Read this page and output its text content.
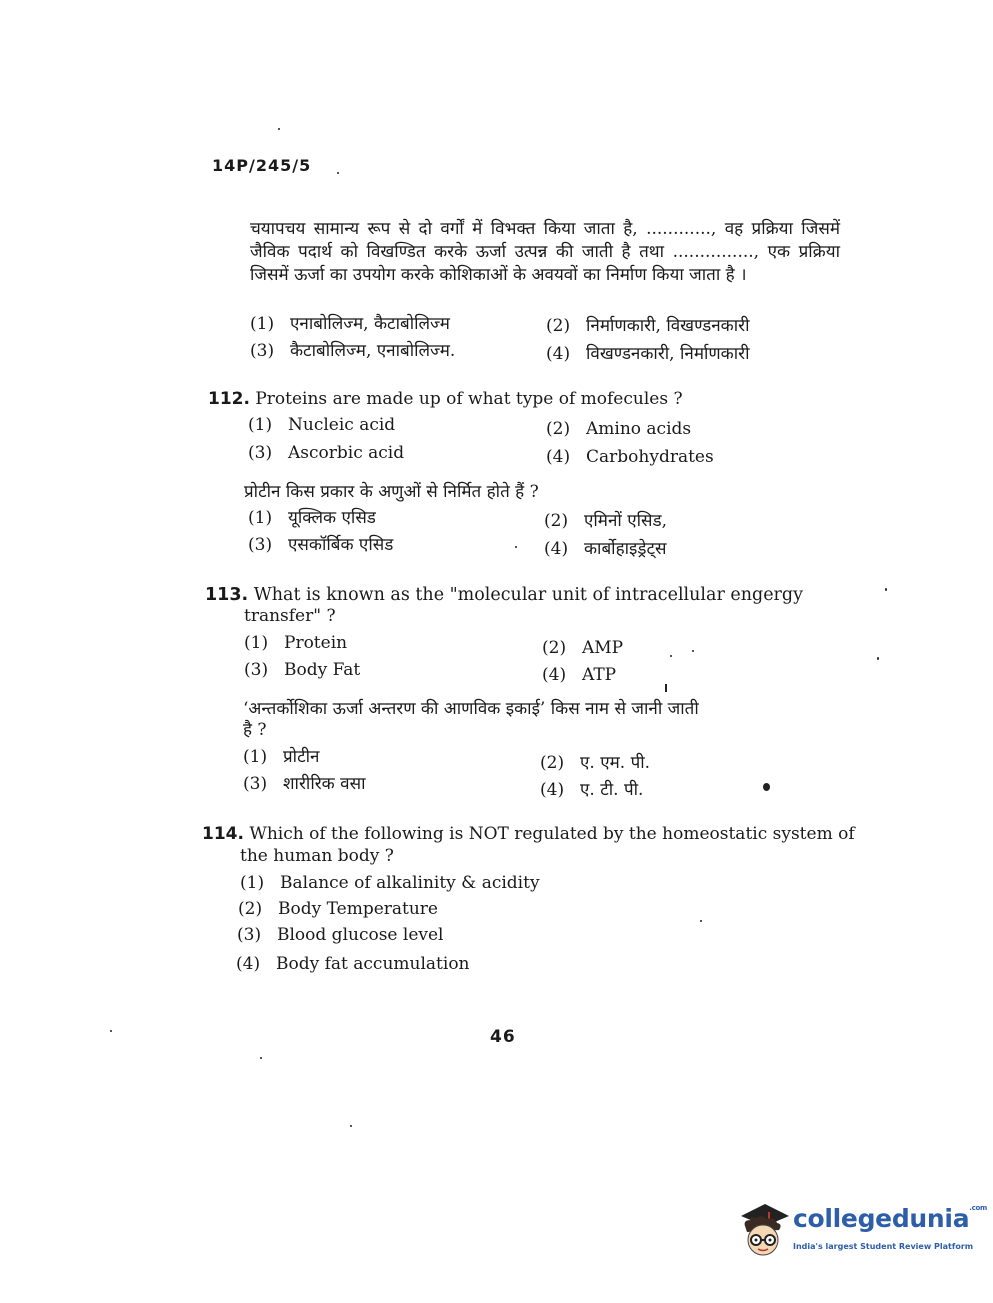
14P/245/5
चयापचय सामान्य रूप से दो वर्गों में विभक्त किया जाता है, ............, वह प्रक्रिया जिसमें जैविक पदार्थ को विखण्डित करके ऊर्जा उत्पन्न की जाती है तथा ..............., एक प्रक्रिया जिसमें ऊर्जा का उपयोग करके कोशिकाओं के अवयवों का निर्माण किया जाता है ।
(1) एनाबोलिज्म, कैटाबोलिज्म	(2) निर्माणकारी, विखण्डनकारी
(3) कैटाबोलिज्म, एनाबोलिज्म.	(4) विखण्डनकारी, निर्माणकारी
112. Proteins are made up of what type of mofecules ?
(1) Nucleic acid	(2) Amino acids
(3) Ascorbic acid	(4) Carbohydrates
प्रोटीन किस प्रकार के अणुओं से निर्मित होते हैं ?
(1) यूक्लिक एसिड	(2) एमिनों एसिड,
(3) एसकॉर्बिक एसिड	(4) कार्बोहाइड्रेट्स
113. What is known as the "molecular unit of intracellular engergy
transfer" ?
(1) Protein	(2) AMP
(3) Body Fat	(4) ATP
‘अन्तर्कोशिका ऊर्जा अन्तरण की आणविक इकाई’ किस नाम से जानी जाती
है ?
(1) प्रोटीन	(2) ए. एम. पी.
(3) शारीरिक वसा	(4) ए. टी. पी.
114. Which of the following is NOT regulated by the homeostatic system of
the human body ?
(1) Balance of alkalinity & acidity
(2) Body Temperature
(3) Blood glucose level
(4) Body fat accumulation
46
collegedunia$^{.com}$
India's largest Student Review Platform
